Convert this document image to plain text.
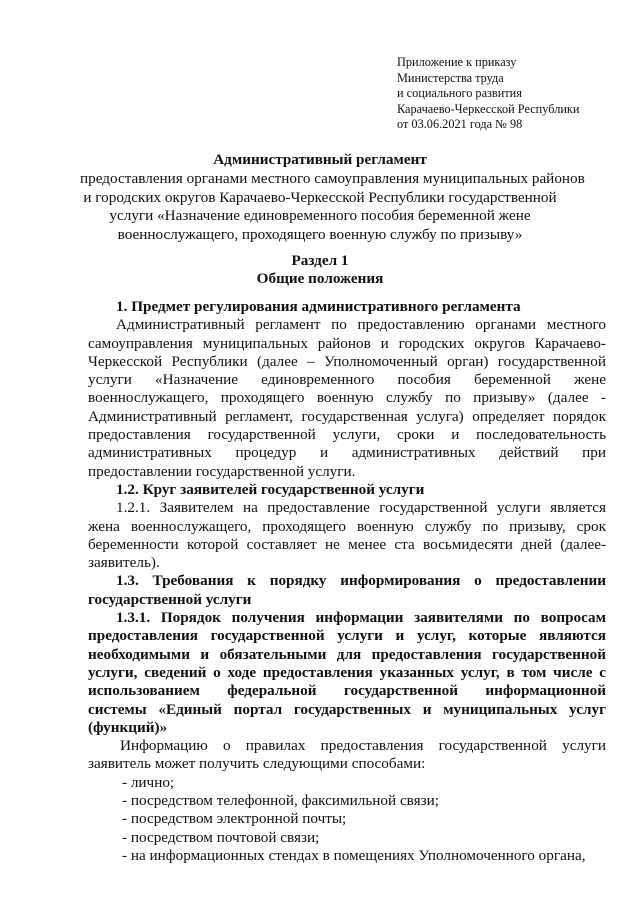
Приложение к приказу
Министерства труда
и социального развития
Карачаево-Черкесской Республики
от 03.06.2021 года № 98
Административный регламент
предоставления органами местного самоуправления муниципальных районов
и городских округов Карачаево-Черкесской Республики государственной
услуги «Назначение единовременного пособия беременной жене
военнослужащего, проходящего военную службу по призыву»
Раздел 1
Общие положения
1. Предмет регулирования административного регламента
Административный регламент по предоставлению органами местного
самоуправления муниципальных районов и городских округов Карачаево-
Черкесской Республики (далее – Уполномоченный орган) государственной
услуги «Назначение единовременного пособия беременной жене
военнослужащего, проходящего военную службу по призыву» (далее -
Административный регламент, государственная услуга) определяет порядок
предоставления государственной услуги, сроки и последовательность
административных процедур и административных действий при
предоставлении государственной услуги.
1.2. Круг заявителей государственной услуги
1.2.1. Заявителем на предоставление государственной услуги является
жена военнослужащего, проходящего военную службу по призыву, срок
беременности которой составляет не менее ста восьмидесяти дней (далее-
заявитель).
1.3. Требования к порядку информирования о предоставлении
государственной услуги
1.3.1. Порядок получения информации заявителями по вопросам
предоставления государственной услуги и услуг, которые являются
необходимыми и обязательными для предоставления государственной
услуги, сведений о ходе предоставления указанных услуг, в том числе с
использованием федеральной государственной информационной
системы «Единый портал государственных и муниципальных услуг
(функций)»
Информацию о правилах предоставления государственной услуги
заявитель может получить следующими способами:
- лично;
- посредством телефонной, факсимильной связи;
- посредством электронной почты;
- посредством почтовой связи;
- на информационных стендах в помещениях Уполномоченного органа,
